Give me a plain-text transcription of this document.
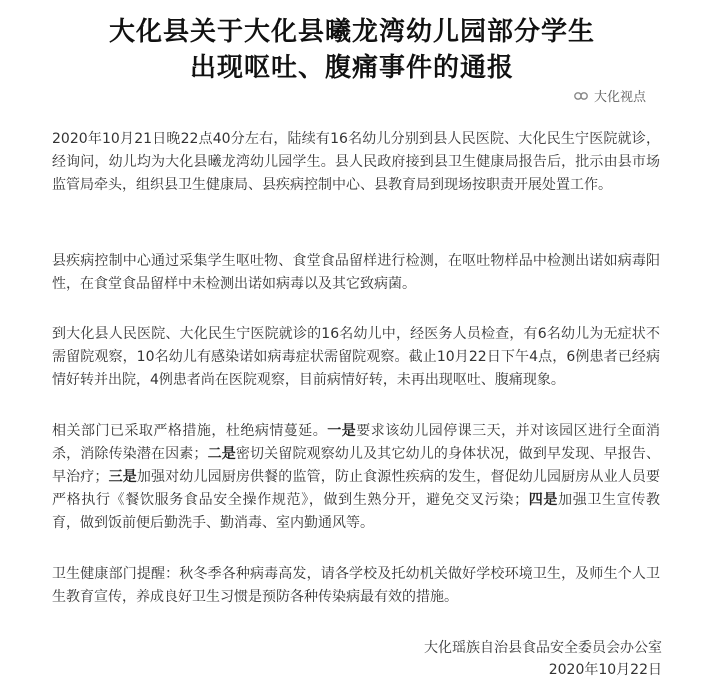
大化县关于大化县曦龙湾幼儿园部分学生
出现呕吐、腹痛事件的通报
大化视点
2020年10月21日晚22点40分左右，陆续有16名幼儿分别到县人民医院、大化民生宁医院就诊，经询问，幼儿均为大化县曦龙湾幼儿园学生。县人民政府接到县卫生健康局报告后，批示由县市场监管局牵头，组织县卫生健康局、县疾病控制中心、县教育局到现场按职责开展处置工作。
县疾病控制中心通过采集学生呕吐物、食堂食品留样进行检测，在呕吐物样品中检测出诺如病毒阳性，在食堂食品留样中未检测出诺如病毒以及其它致病菌。
到大化县人民医院、大化民生宁医院就诊的16名幼儿中，经医务人员检查，有6名幼儿为无症状不需留院观察，10名幼儿有感染诺如病毒症状需留院观察。截止10月22日下午4点，6例患者已经病情好转并出院，4例患者尚在医院观察，目前病情好转，未再出现呕吐、腹痛现象。
相关部门已采取严格措施，杜绝病情蔓延。一是要求该幼儿园停课三天，并对该园区进行全面消杀，消除传染潜在因素；二是密切关留院观察幼儿及其它幼儿的身体状况，做到早发现、早报告、早治疗；三是加强对幼儿园厨房供餐的监管，防止食源性疾病的发生，督促幼儿园厨房从业人员要严格执行《餐饮服务食品安全操作规范》，做到生熟分开，避免交叉污染；四是加强卫生宣传教育，做到饭前便后勤洗手、勤消毒、室内勤通风等。
卫生健康部门提醒：秋冬季各种病毒高发，请各学校及托幼机关做好学校环境卫生，及师生个人卫生教育宣传，养成良好卫生习惯是预防各种传染病最有效的措施。
大化瑶族自治县食品安全委员会办公室
2020年10月22日
